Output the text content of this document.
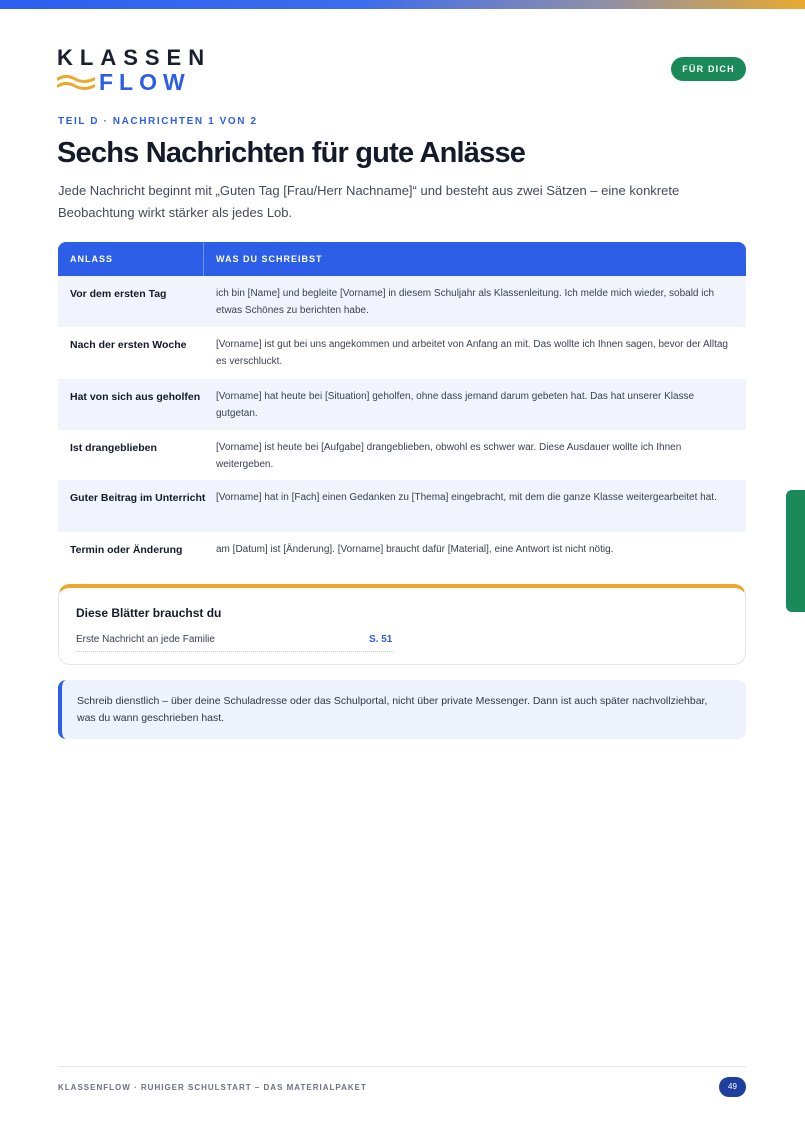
KLASSEN
FLOW	FÜR DICH
TEIL D · NACHRICHTEN 1 VON 2
Sechs Nachrichten für gute Anlässe

Jede Nachricht beginnt mit „Guten Tag [Frau/Herr Nachname]“ und besteht aus zwei Sätzen – eine konkrete Beobachtung wirkt stärker als jedes Lob.

ANLASS	WAS DU SCHREIBST
Vor dem ersten Tag	ich bin [Name] und begleite [Vorname] in diesem Schuljahr als Klassenleitung. Ich melde mich wieder, sobald ich etwas Schönes zu berichten habe.
Nach der ersten Woche	[Vorname] ist gut bei uns angekommen und arbeitet von Anfang an mit. Das wollte ich Ihnen sagen, bevor der Alltag es verschluckt.
Hat von sich aus geholfen	[Vorname] hat heute bei [Situation] geholfen, ohne dass jemand darum gebeten hat. Das hat unserer Klasse gutgetan.
Ist drangeblieben	[Vorname] ist heute bei [Aufgabe] drangeblieben, obwohl es schwer war. Diese Ausdauer wollte ich Ihnen weitergeben.
Guter Beitrag im Unterricht	[Vorname] hat in [Fach] einen Gedanken zu [Thema] eingebracht, mit dem die ganze Klasse weitergearbeitet hat.
Termin oder Änderung	am [Datum] ist [Änderung]. [Vorname] braucht dafür [Material], eine Antwort ist nicht nötig.
Diese Blätter brauchst du
Erste Nachricht an jede Familie	S. 51

Schreib dienstlich – über deine Schuladresse oder das Schulportal, nicht über private Messenger. Dann ist auch später nachvollziehbar, was du wann geschrieben hast.

KLASSENFLOW · RUHIGER SCHULSTART – DAS MATERIALPAKET	49
